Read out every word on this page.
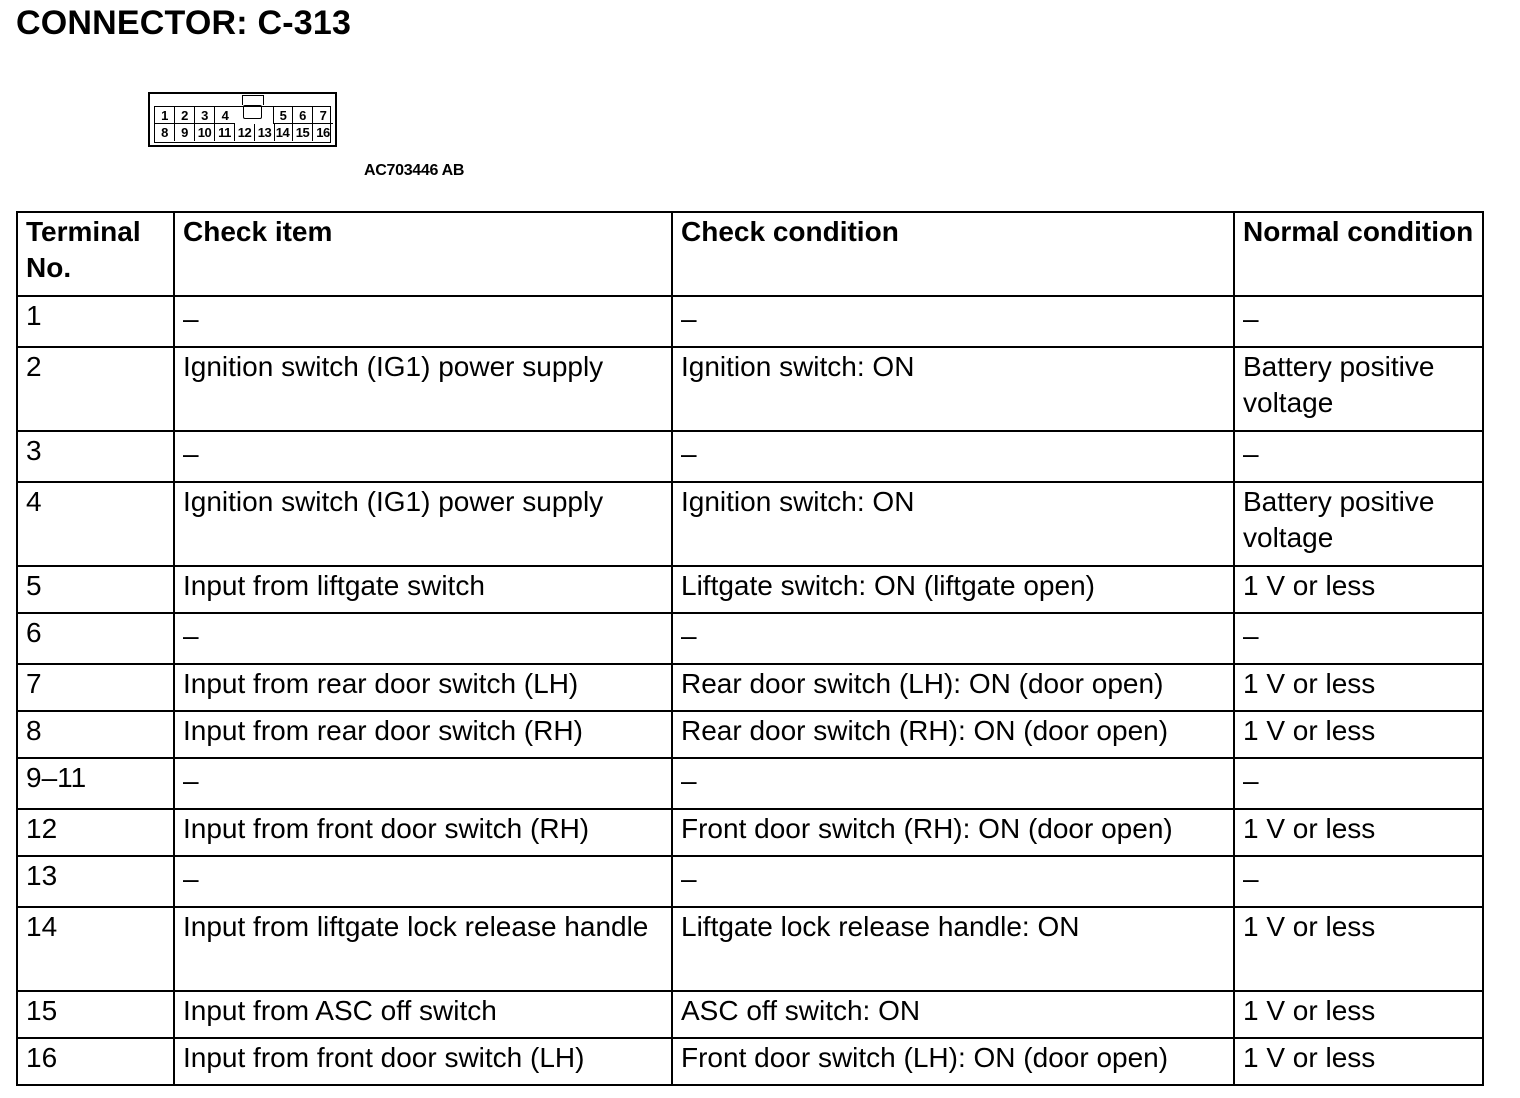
CONNECTOR: C-313
1	2	3	4	5 6	7
8	9 10 11 12 13 14 15 16
AC703446 AB
Terminal No.	Check item	Check condition	Normal condition
1	–	–	–
2	Ignition switch (IG1) power supply	Ignition switch: ON	Battery positive voltage
3	–	–	–
4	Ignition switch (IG1) power supply	Ignition switch: ON	Battery positive voltage
5	Input from liftgate switch	Liftgate switch: ON (liftgate open)	1 V or less
6	–	–	–
7	Input from rear door switch (LH)	Rear door switch (LH): ON (door open)	1 V or less
8	Input from rear door switch (RH)	Rear door switch (RH): ON (door open)	1 V or less
9–11	–	–	–
12	Input from front door switch (RH)	Front door switch (RH): ON (door open)	1 V or less
13	–	–	–
14	Input from liftgate lock release handle	Liftgate lock release handle: ON	1 V or less
15	Input from ASC off switch	ASC off switch: ON	1 V or less
16	Input from front door switch (LH)	Front door switch (LH): ON (door open)	1 V or less
